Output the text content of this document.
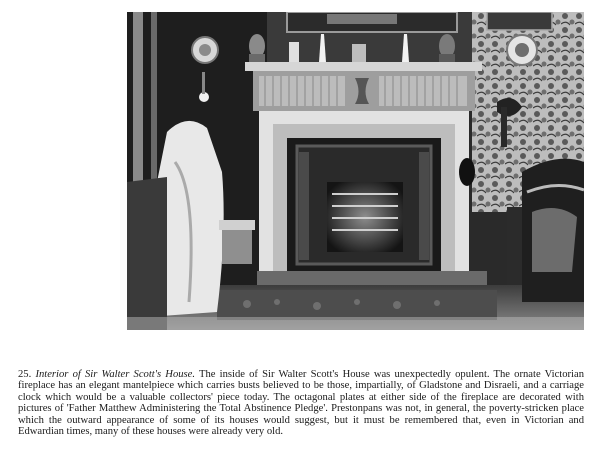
25. Interior of Sir Walter Scott's House. The inside of Sir Walter Scott's House was unexpectedly opulent. The ornate Victorian fireplace has an elegant mantelpiece which carries busts believed to be those, impartially, of Gladstone and Disraeli, and a carriage clock which would be a valuable collectors' piece today. The octagonal plates at either side of the fireplace are decorated with pictures of 'Father Matthew Administering the Total Abstinence Pledge'. Prestonpans was not, in general, the poverty-stricken place which the outward appearance of some of its houses would suggest, but it must be remembered that, even in Victorian and Edwardian times, many of these houses were already very old.
